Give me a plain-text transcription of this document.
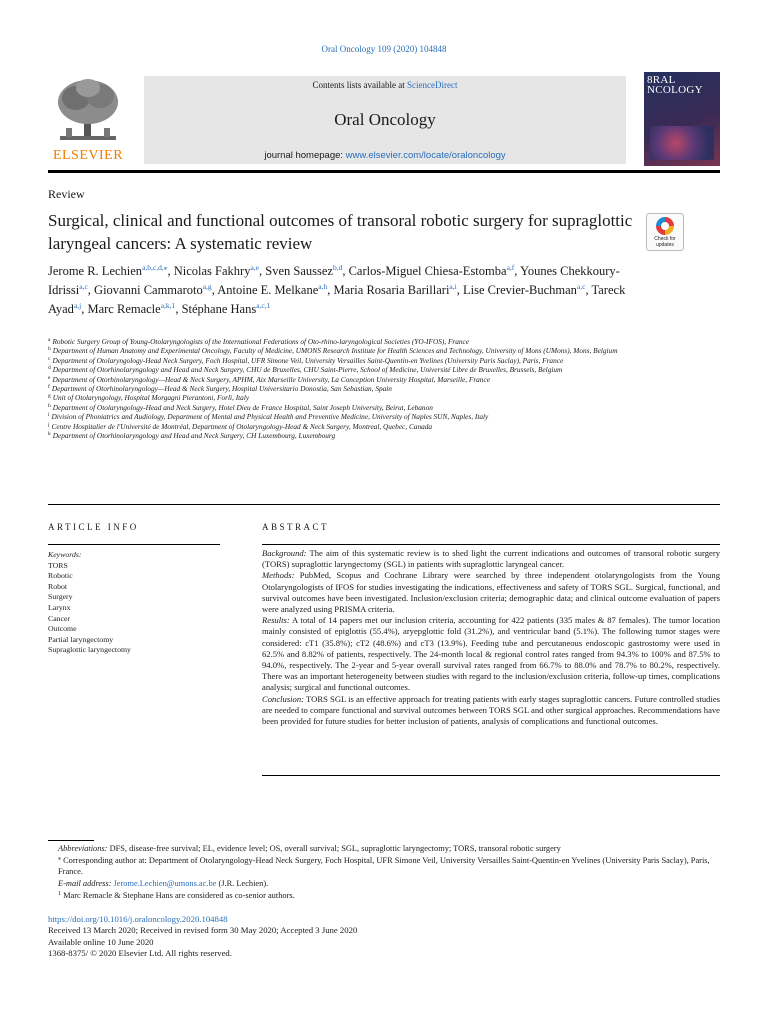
Oral Oncology 109 (2020) 104848
ELSEVIER
Contents lists available at ScienceDirect
Oral Oncology
journal homepage: www.elsevier.com/locate/oraloncology
8RAL
NCOLOGY
Review
Surgical, clinical and functional outcomes of transoral robotic surgery for supraglottic laryngeal cancers: A systematic review	Check for updates
Jerome R. Lechien$^{a,b,c,d,⁎}$, Nicolas Fakhry$^{a,e}$, Sven Saussez$^{b,d}$, Carlos-Miguel Chiesa-Estomba$^{a,f}$, Younes Chekkoury-Idrissi$^{a,c}$, Giovanni Cammaroto$^{a,g}$, Antoine E. Melkane$^{a,h}$, Maria Rosaria Barillari$^{a,i}$, Lise Crevier-Buchman$^{a,c}$, Tareck Ayad$^{a,j}$, Marc Remacle$^{a,k,1}$, Stéphane Hans$^{a,c,1}$
$^a$ Robotic Surgery Group of Young-Otolaryngologists of the International Federations of Oto-rhino-laryngological Societies (YO-IFOS), France
$^b$ Department of Human Anatomy and Experimental Oncology, Faculty of Medicine, UMONS Research Institute for Health Sciences and Technology, University of Mons (UMons), Mons, Belgium
$^c$ Department of Otolaryngology-Head Neck Surgery, Foch Hospital, UFR Simone Veil, University Versailles Saint-Quentin-en Yvelines (University Paris Saclay), Paris, France
$^d$ Department of Otorhinolaryngology and Head and Neck Surgery, CHU de Bruxelles, CHU Saint-Pierre, School of Medicine, Université Libre de Bruxelles, Brussels, Belgium
$^e$ Department of Otorhinolaryngology—Head & Neck Surgery, APHM, Aix Marseille University, La Conception University Hospital, Marseille, France
$^f$ Department of Otorhinolaryngology—Head & Neck Surgery, Hospital Universitario Donostia, San Sebastian, Spain
$^g$ Unit of Otolaryngology, Hospital Morgagni Pierantoni, Forlì, Italy
$^h$ Department of Otolaryngology-Head and Neck Surgery, Hotel Dieu de France Hospital, Saint Joseph University, Beirut, Lebanon
$^i$ Division of Phoniatrics and Audiology, Department of Mental and Physical Health and Preventive Medicine, University of Naples SUN, Naples, Italy
$^j$ Centre Hospitalier de l'Université de Montréal, Department of Otolaryngology-Head & Neck Surgery, Montreal, Quebec, Canada
$^k$ Department of Otorhinolaryngology and Head and Neck Surgery, CH Luxembourg, Luxembourg
ARTICLE INFO	ABSTRACT
Keywords:
TORS
Robotic
Robot
Surgery
Larynx
Cancer
Outcome
Partial laryngectomy
Supraglottic laryngectomy

Background: The aim of this systematic review is to shed light the current indications and outcomes of transoral robotic surgery (TORS) supraglottic laryngectomy (SGL) in patients with supraglottic laryngeal cancer.

Methods: PubMed, Scopus and Cochrane Library were searched by three independent otolaryngologists from the Young Otolaryngologists of IFOS for studies investigating the indications, effectiveness and safety of TORS SGL. Surgical, functional, and survival outcomes have been investigated. Inclusion/exclusion criteria; demographic data; and clinical outcome evaluation of papers were analyzed using PRISMA criteria.

Results: A total of 14 papers met our inclusion criteria, accounting for 422 patients (335 males & 87 females). The tumor location mainly consisted of epiglottis (55.4%), aryepglottic fold (31.2%), and ventricular band (5.1%). The following tumor stages were considered: cT1 (35.8%); cT2 (48.6%) and cT3 (13.9%). Feeding tube and percutaneous endoscopic gastrostomy were used in 62.5% and 8.82% of patients, respectively. The 24-month local & regional control rates ranged from 94.3% to 100% and 87.5% to 94.0%, respectively. The 2-year and 5-year overall survival rates ranged from 66.7% to 88.0% and 78.7% to 80.2%, respectively. There was an important heterogeneity between studies with regard to the inclusion/exclusion criteria, follow-up times, complications analysis; surgical and functional outcomes.

Conclusion: TORS SGL is an effective approach for treating patients with early stages supraglottic cancers. Future controlled studies are needed to compare functional and survival outcomes between TORS SGL and other surgical approaches. Recommendations have been provided for future studies for better inclusion of patients, analysis of complications and functional outcomes.

Abbreviations: DFS, disease-free survival; EL, evidence level; OS, overall survival; SGL, supraglottic laryngectomy; TORS, transoral robotic surgery

⁎ Corresponding author at: Department of Otolaryngology-Head Neck Surgery, Foch Hospital, UFR Simone Veil, University Versailles Saint-Quentin-en Yvelines (University Paris Saclay), Paris, France.

E-mail address: Jerome.Lechien@umons.ac.be (J.R. Lechien).

$^1$ Marc Remacle & Stephane Hans are considered as co-senior authors.

https://doi.org/10.1016/j.oraloncology.2020.104848

Received 13 March 2020; Received in revised form 30 May 2020; Accepted 3 June 2020

Available online 10 June 2020

1368-8375/ © 2020 Elsevier Ltd. All rights reserved.
